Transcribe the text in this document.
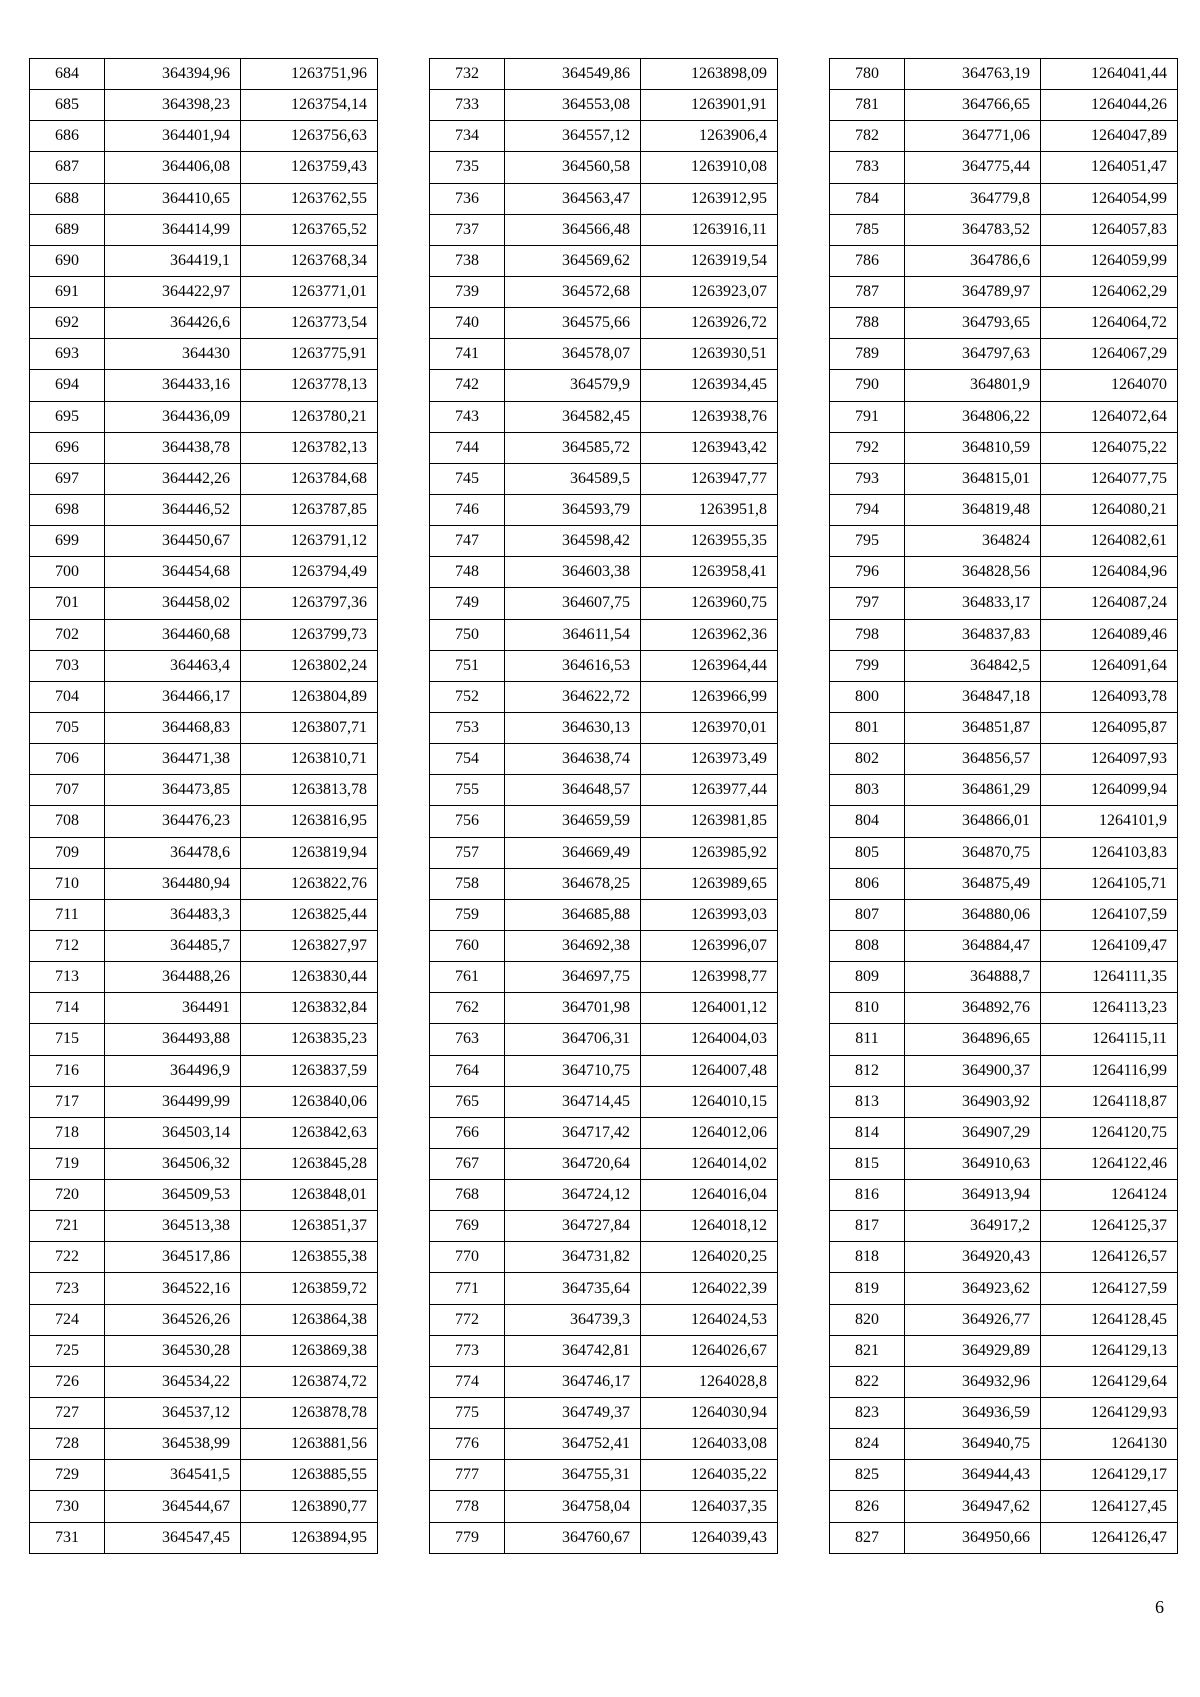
684	364394,96	1263751,96
685	364398,23	1263754,14
686	364401,94	1263756,63
687	364406,08	1263759,43
688	364410,65	1263762,55
689	364414,99	1263765,52
690	364419,1	1263768,34
691	364422,97	1263771,01
692	364426,6	1263773,54
693	364430	1263775,91
694	364433,16	1263778,13
695	364436,09	1263780,21
696	364438,78	1263782,13
697	364442,26	1263784,68
698	364446,52	1263787,85
699	364450,67	1263791,12
700	364454,68	1263794,49
701	364458,02	1263797,36
702	364460,68	1263799,73
703	364463,4	1263802,24
704	364466,17	1263804,89
705	364468,83	1263807,71
706	364471,38	1263810,71
707	364473,85	1263813,78
708	364476,23	1263816,95
709	364478,6	1263819,94
710	364480,94	1263822,76
711	364483,3	1263825,44
712	364485,7	1263827,97
713	364488,26	1263830,44
714	364491	1263832,84
715	364493,88	1263835,23
716	364496,9	1263837,59
717	364499,99	1263840,06
718	364503,14	1263842,63
719	364506,32	1263845,28
720	364509,53	1263848,01
721	364513,38	1263851,37
722	364517,86	1263855,38
723	364522,16	1263859,72
724	364526,26	1263864,38
725	364530,28	1263869,38
726	364534,22	1263874,72
727	364537,12	1263878,78
728	364538,99	1263881,56
729	364541,5	1263885,55
730	364544,67	1263890,77
731	364547,45	1263894,95
732	364549,86	1263898,09
733	364553,08	1263901,91
734	364557,12	1263906,4
735	364560,58	1263910,08
736	364563,47	1263912,95
737	364566,48	1263916,11
738	364569,62	1263919,54
739	364572,68	1263923,07
740	364575,66	1263926,72
741	364578,07	1263930,51
742	364579,9	1263934,45
743	364582,45	1263938,76
744	364585,72	1263943,42
745	364589,5	1263947,77
746	364593,79	1263951,8
747	364598,42	1263955,35
748	364603,38	1263958,41
749	364607,75	1263960,75
750	364611,54	1263962,36
751	364616,53	1263964,44
752	364622,72	1263966,99
753	364630,13	1263970,01
754	364638,74	1263973,49
755	364648,57	1263977,44
756	364659,59	1263981,85
757	364669,49	1263985,92
758	364678,25	1263989,65
759	364685,88	1263993,03
760	364692,38	1263996,07
761	364697,75	1263998,77
762	364701,98	1264001,12
763	364706,31	1264004,03
764	364710,75	1264007,48
765	364714,45	1264010,15
766	364717,42	1264012,06
767	364720,64	1264014,02
768	364724,12	1264016,04
769	364727,84	1264018,12
770	364731,82	1264020,25
771	364735,64	1264022,39
772	364739,3	1264024,53
773	364742,81	1264026,67
774	364746,17	1264028,8
775	364749,37	1264030,94
776	364752,41	1264033,08
777	364755,31	1264035,22
778	364758,04	1264037,35
779	364760,67	1264039,43
780	364763,19	1264041,44
781	364766,65	1264044,26
782	364771,06	1264047,89
783	364775,44	1264051,47
784	364779,8	1264054,99
785	364783,52	1264057,83
786	364786,6	1264059,99
787	364789,97	1264062,29
788	364793,65	1264064,72
789	364797,63	1264067,29
790	364801,9	1264070
791	364806,22	1264072,64
792	364810,59	1264075,22
793	364815,01	1264077,75
794	364819,48	1264080,21
795	364824	1264082,61
796	364828,56	1264084,96
797	364833,17	1264087,24
798	364837,83	1264089,46
799	364842,5	1264091,64
800	364847,18	1264093,78
801	364851,87	1264095,87
802	364856,57	1264097,93
803	364861,29	1264099,94
804	364866,01	1264101,9
805	364870,75	1264103,83
806	364875,49	1264105,71
807	364880,06	1264107,59
808	364884,47	1264109,47
809	364888,7	1264111,35
810	364892,76	1264113,23
811	364896,65	1264115,11
812	364900,37	1264116,99
813	364903,92	1264118,87
814	364907,29	1264120,75
815	364910,63	1264122,46
816	364913,94	1264124
817	364917,2	1264125,37
818	364920,43	1264126,57
819	364923,62	1264127,59
820	364926,77	1264128,45
821	364929,89	1264129,13
822	364932,96	1264129,64
823	364936,59	1264129,93
824	364940,75	1264130
825	364944,43	1264129,17
826	364947,62	1264127,45
827	364950,66	1264126,47
6
